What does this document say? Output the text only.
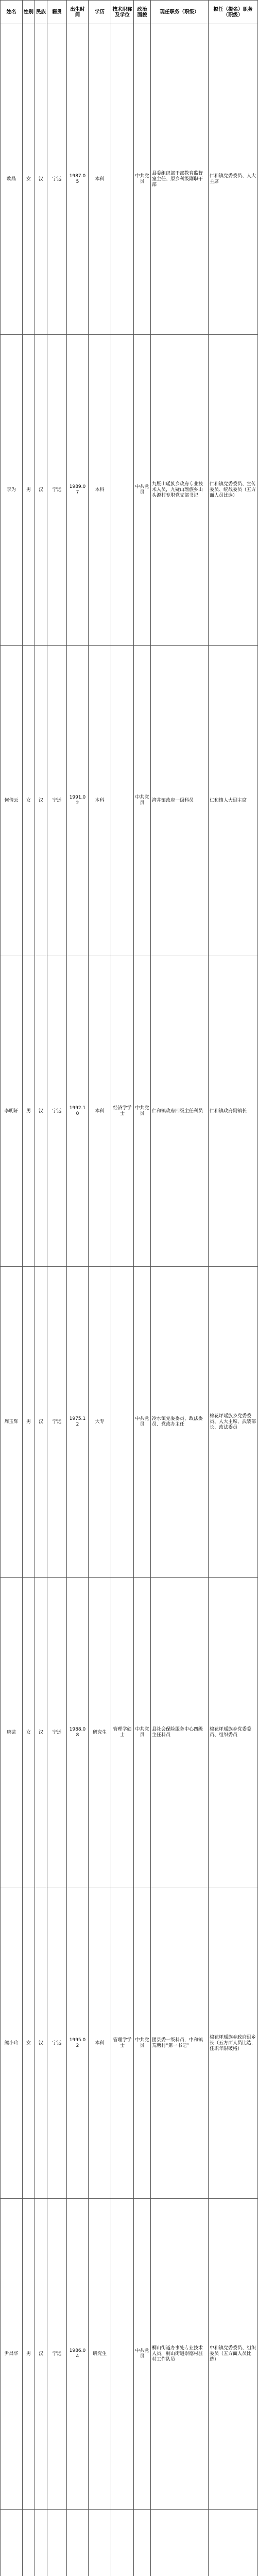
姓名	性别	民族	籍贯	出生时间	学历	技术职称及学位	政治面貌	现任职务（职级）	拟任（提名）职务（职级）
欧晶	女	汉	宁远	1987.05	本科		中共党员	县委组织部干部教育监督室主任、原乡科级副职干部	仁和镇党委委员、人大主席
李为	男	汉	宁远	1989.07	本科		中共党员	九疑山瑶族乡政府专业技术人员，九疑山瑶族乡山头源村专职党支部书记	仁和镇党委委员、宣传委员、统战委员（五方面人员比选）
何倩云	女	汉	宁远	1991.02	本科		中共党员	湾井镇政府一级科员	仁和镇人大副主席
李明轩	男	汉	宁远	1992.10	本科	经济学学士	中共党员	仁和镇政府四级主任科员	仁和镇政府副镇长
周玉辉	男	汉	宁远	1975.12	大专		中共党员	冷水镇党委委员、政法委员、党政办主任	棉花坪瑶族乡党委委员、人大主席、武装部长、政法委员
唐芸	女	汉	宁远	1988.08	研究生	管理学硕士	中共党员	县社会保险服务中心四级主任科员	棉花坪瑶族乡党委委员、组织委员
熊小玲	女	汉	宁远	1995.02	本科	管理学学士	中共党员	团县委一级科员，中和镇荒塘村“第一书记”	棉花坪瑶族乡政府副乡长（五方面人员比选，任职年限破格）
尹昌华	男	汉	宁远	1986.04	研究生		中共党员	桐山街道办事处专业技术人员，桐山街道崇德村驻村工作队员	中和镇党委委员、组织委员（五方面人员比选）
